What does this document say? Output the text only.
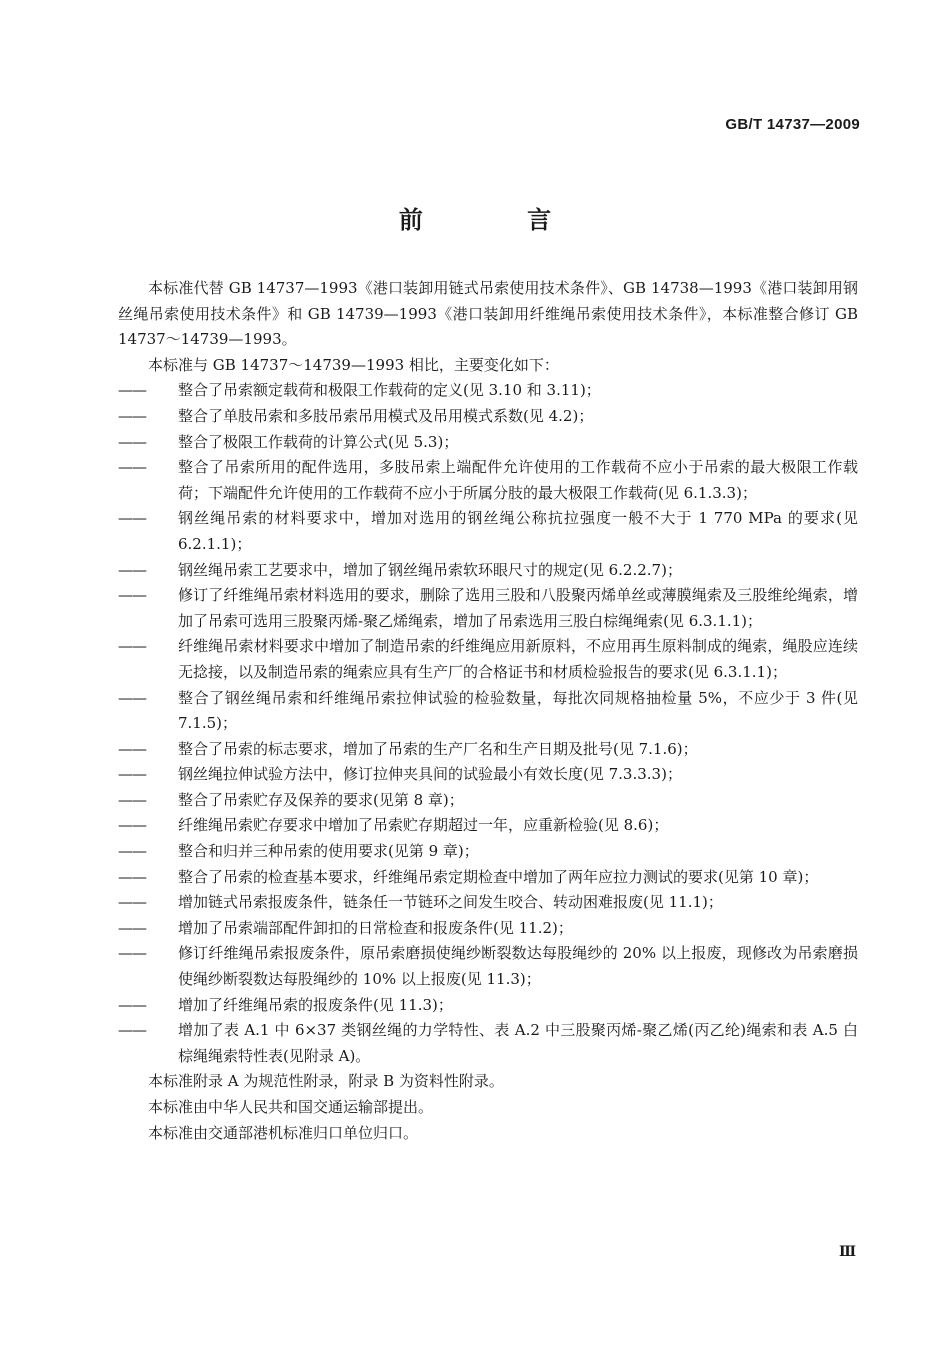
GB/T 14737—2009
前 言

本标准代替 GB 14737—1993《港口装卸用链式吊索使用技术条件》、GB 14738—1993《港口装卸用钢丝绳吊索使用技术条件》和 GB 14739—1993《港口装卸用纤维绳吊索使用技术条件》，本标准整合修订 GB 14737～14739—1993。

本标准与 GB 14737～14739—1993 相比，主要变化如下：

——	整合了吊索额定载荷和极限工作载荷的定义(见 3.10 和 3.11)；

——	整合了单肢吊索和多肢吊索吊用模式及吊用模式系数(见 4.2)；

——	整合了极限工作载荷的计算公式(见 5.3)；

——	整合了吊索所用的配件选用，多肢吊索上端配件允许使用的工作载荷不应小于吊索的最大极限工作载荷；下端配件允许使用的工作载荷不应小于所属分肢的最大极限工作载荷(见 6.1.3.3)；

——	钢丝绳吊索的材料要求中，增加对选用的钢丝绳公称抗拉强度一般不大于 1 770 MPa 的要求(见 6.2.1.1)；

——	钢丝绳吊索工艺要求中，增加了钢丝绳吊索软环眼尺寸的规定(见 6.2.2.7)；

——	修订了纤维绳吊索材料选用的要求，删除了选用三股和八股聚丙烯单丝或薄膜绳索及三股维纶绳索，增加了吊索可选用三股聚丙烯-聚乙烯绳索，增加了吊索选用三股白棕绳绳索(见 6.3.1.1)；

——	纤维绳吊索材料要求中增加了制造吊索的纤维绳应用新原料，不应用再生原料制成的绳索，绳股应连续无捻接，以及制造吊索的绳索应具有生产厂的合格证书和材质检验报告的要求(见 6.3.1.1)；

——	整合了钢丝绳吊索和纤维绳吊索拉伸试验的检验数量，每批次同规格抽检量 5%，不应少于 3 件(见 7.1.5)；

——	整合了吊索的标志要求，增加了吊索的生产厂名和生产日期及批号(见 7.1.6)；

——	钢丝绳拉伸试验方法中，修订拉伸夹具间的试验最小有效长度(见 7.3.3.3)；

——	整合了吊索贮存及保养的要求(见第 8 章)；

——	纤维绳吊索贮存要求中增加了吊索贮存期超过一年，应重新检验(见 8.6)；

——	整合和归并三种吊索的使用要求(见第 9 章)；

——	整合了吊索的检查基本要求，纤维绳吊索定期检查中增加了两年应拉力测试的要求(见第 10 章)；

——	增加链式吊索报废条件，链条任一节链环之间发生咬合、转动困难报废(见 11.1)；

——	增加了吊索端部配件卸扣的日常检查和报废条件(见 11.2)；

——	修订纤维绳吊索报废条件，原吊索磨损使绳纱断裂数达每股绳纱的 20% 以上报废，现修改为吊索磨损使绳纱断裂数达每股绳纱的 10% 以上报废(见 11.3)；

——	增加了纤维绳吊索的报废条件(见 11.3)；

——	增加了表 A.1 中 6×37 类钢丝绳的力学特性、表 A.2 中三股聚丙烯-聚乙烯(丙乙纶)绳索和表 A.5 白棕绳绳索特性表(见附录 A)。

本标准附录 A 为规范性附录，附录 B 为资料性附录。

本标准由中华人民共和国交通运输部提出。

本标准由交通部港机标准归口单位归口。

Ⅲ
